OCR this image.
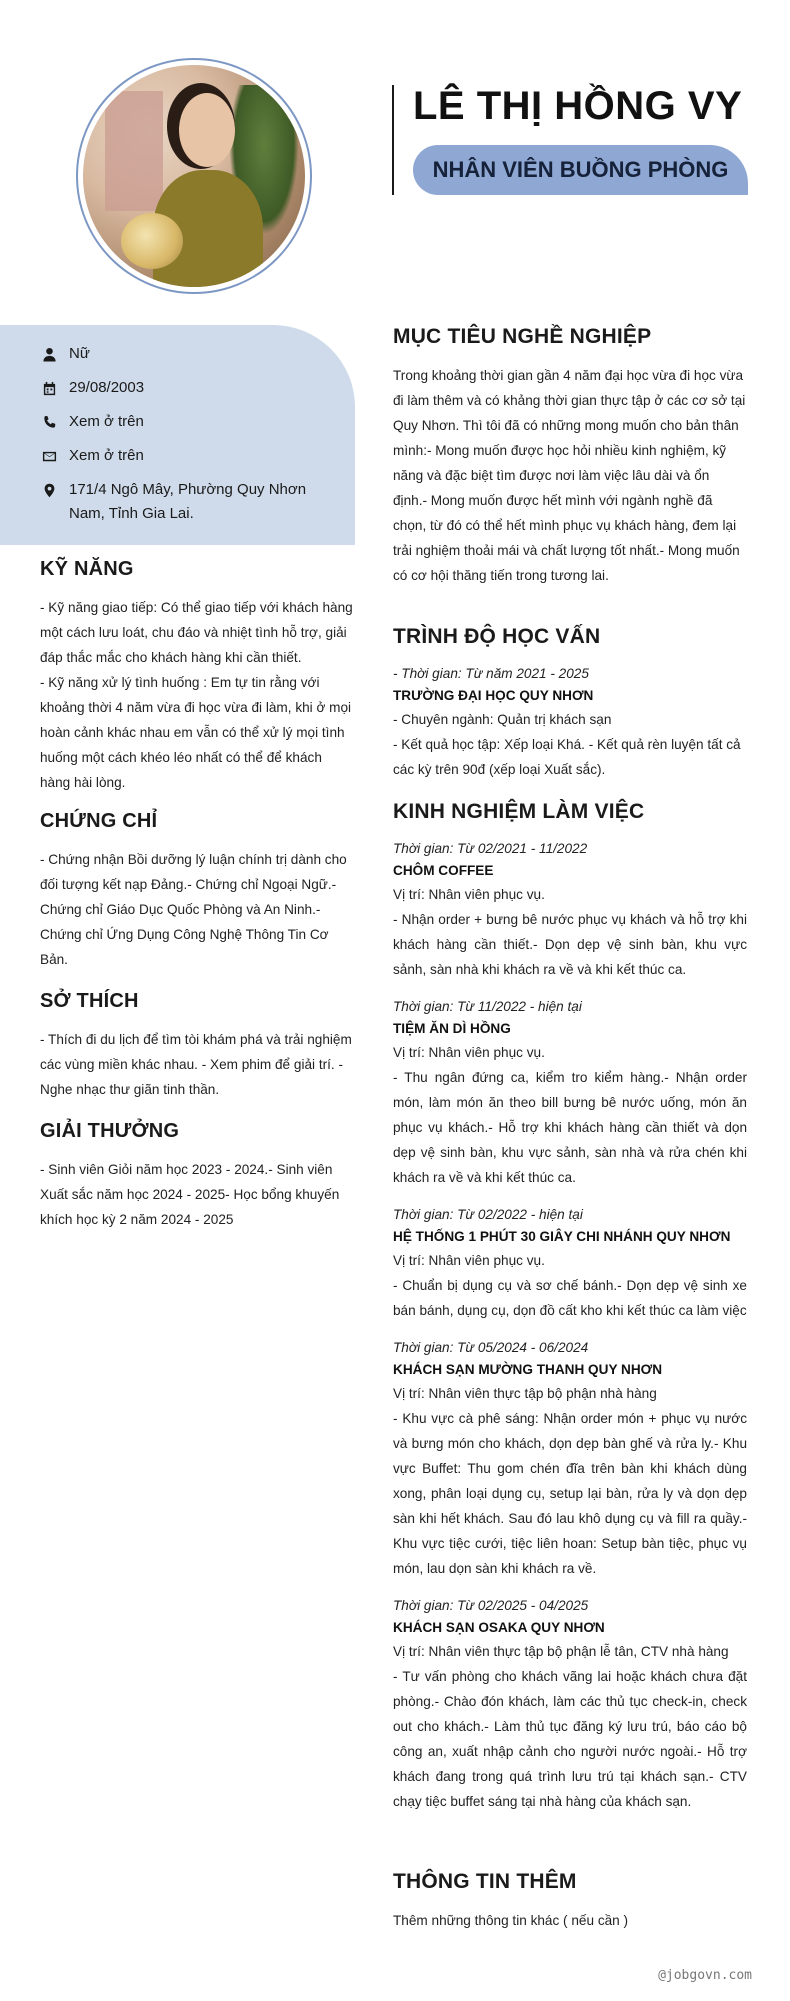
Nữ
29/08/2003
Xem ở trên
Xem ở trên
171/4 Ngô Mây, Phường Quy Nhơn Nam, Tỉnh Gia Lai.
KỸ NĂNG

- Kỹ năng giao tiếp: Có thể giao tiếp với khách hàng một cách lưu loát, chu đáo và nhiệt tình hỗ trợ, giải đáp thắc mắc cho khách hàng khi cần thiết.

- Kỹ năng xử lý tình huống : Em tự tin rằng với khoảng thời 4 năm vừa đi học vừa đi làm, khi ở mọi hoàn cảnh khác nhau em vẫn có thể xử lý mọi tình huống một cách khéo léo nhất có thể để khách hàng hài lòng.

CHỨNG CHỈ

- Chứng nhận Bồi dưỡng lý luận chính trị dành cho đối tượng kết nạp Đảng.- Chứng chỉ Ngoại Ngữ.- Chứng chỉ Giáo Dục Quốc Phòng và An Ninh.- Chứng chỉ Ứng Dụng Công Nghệ Thông Tin Cơ Bản.

SỞ THÍCH

- Thích đi du lịch để tìm tòi khám phá và trải nghiệm các vùng miền khác nhau. - Xem phim để giải trí. - Nghe nhạc thư giãn tinh thần.

GIẢI THƯỞNG

- Sinh viên Giỏi năm học 2023 - 2024.- Sinh viên Xuất sắc năm học 2024 - 2025- Học bổng khuyến khích học kỳ 2 năm 2024 - 2025

LÊ THỊ HỒNG VY
NHÂN VIÊN BUỒNG PHÒNG
MỤC TIÊU NGHỀ NGHIỆP

Trong khoảng thời gian gần 4 năm đại học vừa đi học vừa đi làm thêm và có khảng thời gian thực tập ở các cơ sở tại Quy Nhơn. Thì tôi đã có những mong muốn cho bản thân mình:- Mong muốn được học hỏi nhiều kinh nghiệm, kỹ năng và đặc biệt tìm được nơi làm việc lâu dài và ổn định.- Mong muốn được hết mình với ngành nghề đã chọn, từ đó có thể hết mình phục vụ khách hàng, đem lại trải nghiệm thoải mái và chất lượng tốt nhất.- Mong muốn có cơ hội thăng tiến trong tương lai.

TRÌNH ĐỘ HỌC VẤN

- Thời gian: Từ năm 2021 - 2025

TRƯỜNG ĐẠI HỌC QUY NHƠN

- Chuyên ngành: Quản trị khách sạn

- Kết quả học tập: Xếp loại Khá. - Kết quả rèn luyện tất cả các kỳ trên 90đ (xếp loại Xuất sắc).

KINH NGHIỆM LÀM VIỆC

Thời gian: Từ 02/2021 - 11/2022

CHÔM COFFEE

Vị trí: Nhân viên phục vụ.

- Nhận order + bưng bê nước phục vụ khách và hỗ trợ khi khách hàng cần thiết.- Dọn dẹp vệ sinh bàn, khu vực sảnh, sàn nhà khi khách ra về và khi kết thúc ca.

Thời gian: Từ 11/2022 - hiện tại

TIỆM ĂN DÌ HỒNG

Vị trí: Nhân viên phục vụ.

- Thu ngân đứng ca, kiểm tro kiểm hàng.- Nhận order món, làm món ăn theo bill bưng bê nước uống, món ăn phục vụ khách.- Hỗ trợ khi khách hàng cần thiết và dọn dẹp vệ sinh bàn, khu vực sảnh, sàn nhà và rửa chén khi khách ra về và khi kết thúc ca.

Thời gian: Từ 02/2022 - hiện tại

HỆ THỐNG 1 PHÚT 30 GIÂY CHI NHÁNH QUY NHƠN

Vị trí: Nhân viên phục vụ.

- Chuẩn bị dụng cụ và sơ chế bánh.- Dọn dẹp vệ sinh xe bán bánh, dụng cụ, dọn đồ cất kho khi kết thúc ca làm việc

Thời gian: Từ 05/2024 - 06/2024

KHÁCH SẠN MƯỜNG THANH QUY NHƠN

Vị trí: Nhân viên thực tập bộ phận nhà hàng

- Khu vực cà phê sáng: Nhận order món + phục vụ nước và bưng món cho khách, dọn dẹp bàn ghế và rửa ly.- Khu vực Buffet: Thu gom chén đĩa trên bàn khi khách dùng xong, phân loại dụng cụ, setup lại bàn, rửa ly và dọn dẹp sàn khi hết khách. Sau đó lau khô dụng cụ và fill ra quầy.- Khu vực tiệc cưới, tiệc liên hoan: Setup bàn tiệc, phục vụ món, lau dọn sàn khi khách ra về.

Thời gian: Từ 02/2025 - 04/2025

KHÁCH SẠN OSAKA QUY NHƠN

Vị trí: Nhân viên thực tập bộ phận lễ tân, CTV nhà hàng

- Tư vấn phòng cho khách vãng lai hoặc khách chưa đặt phòng.- Chào đón khách, làm các thủ tục check-in, check out cho khách.- Làm thủ tục đăng ký lưu trú, báo cáo bộ công an, xuất nhập cảnh cho người nước ngoài.- Hỗ trợ khách đang trong quá trình lưu trú tại khách sạn.- CTV chạy tiệc buffet sáng tại nhà hàng của khách sạn.

THÔNG TIN THÊM

Thêm những thông tin khác ( nếu cần )

@jobgovn.com
